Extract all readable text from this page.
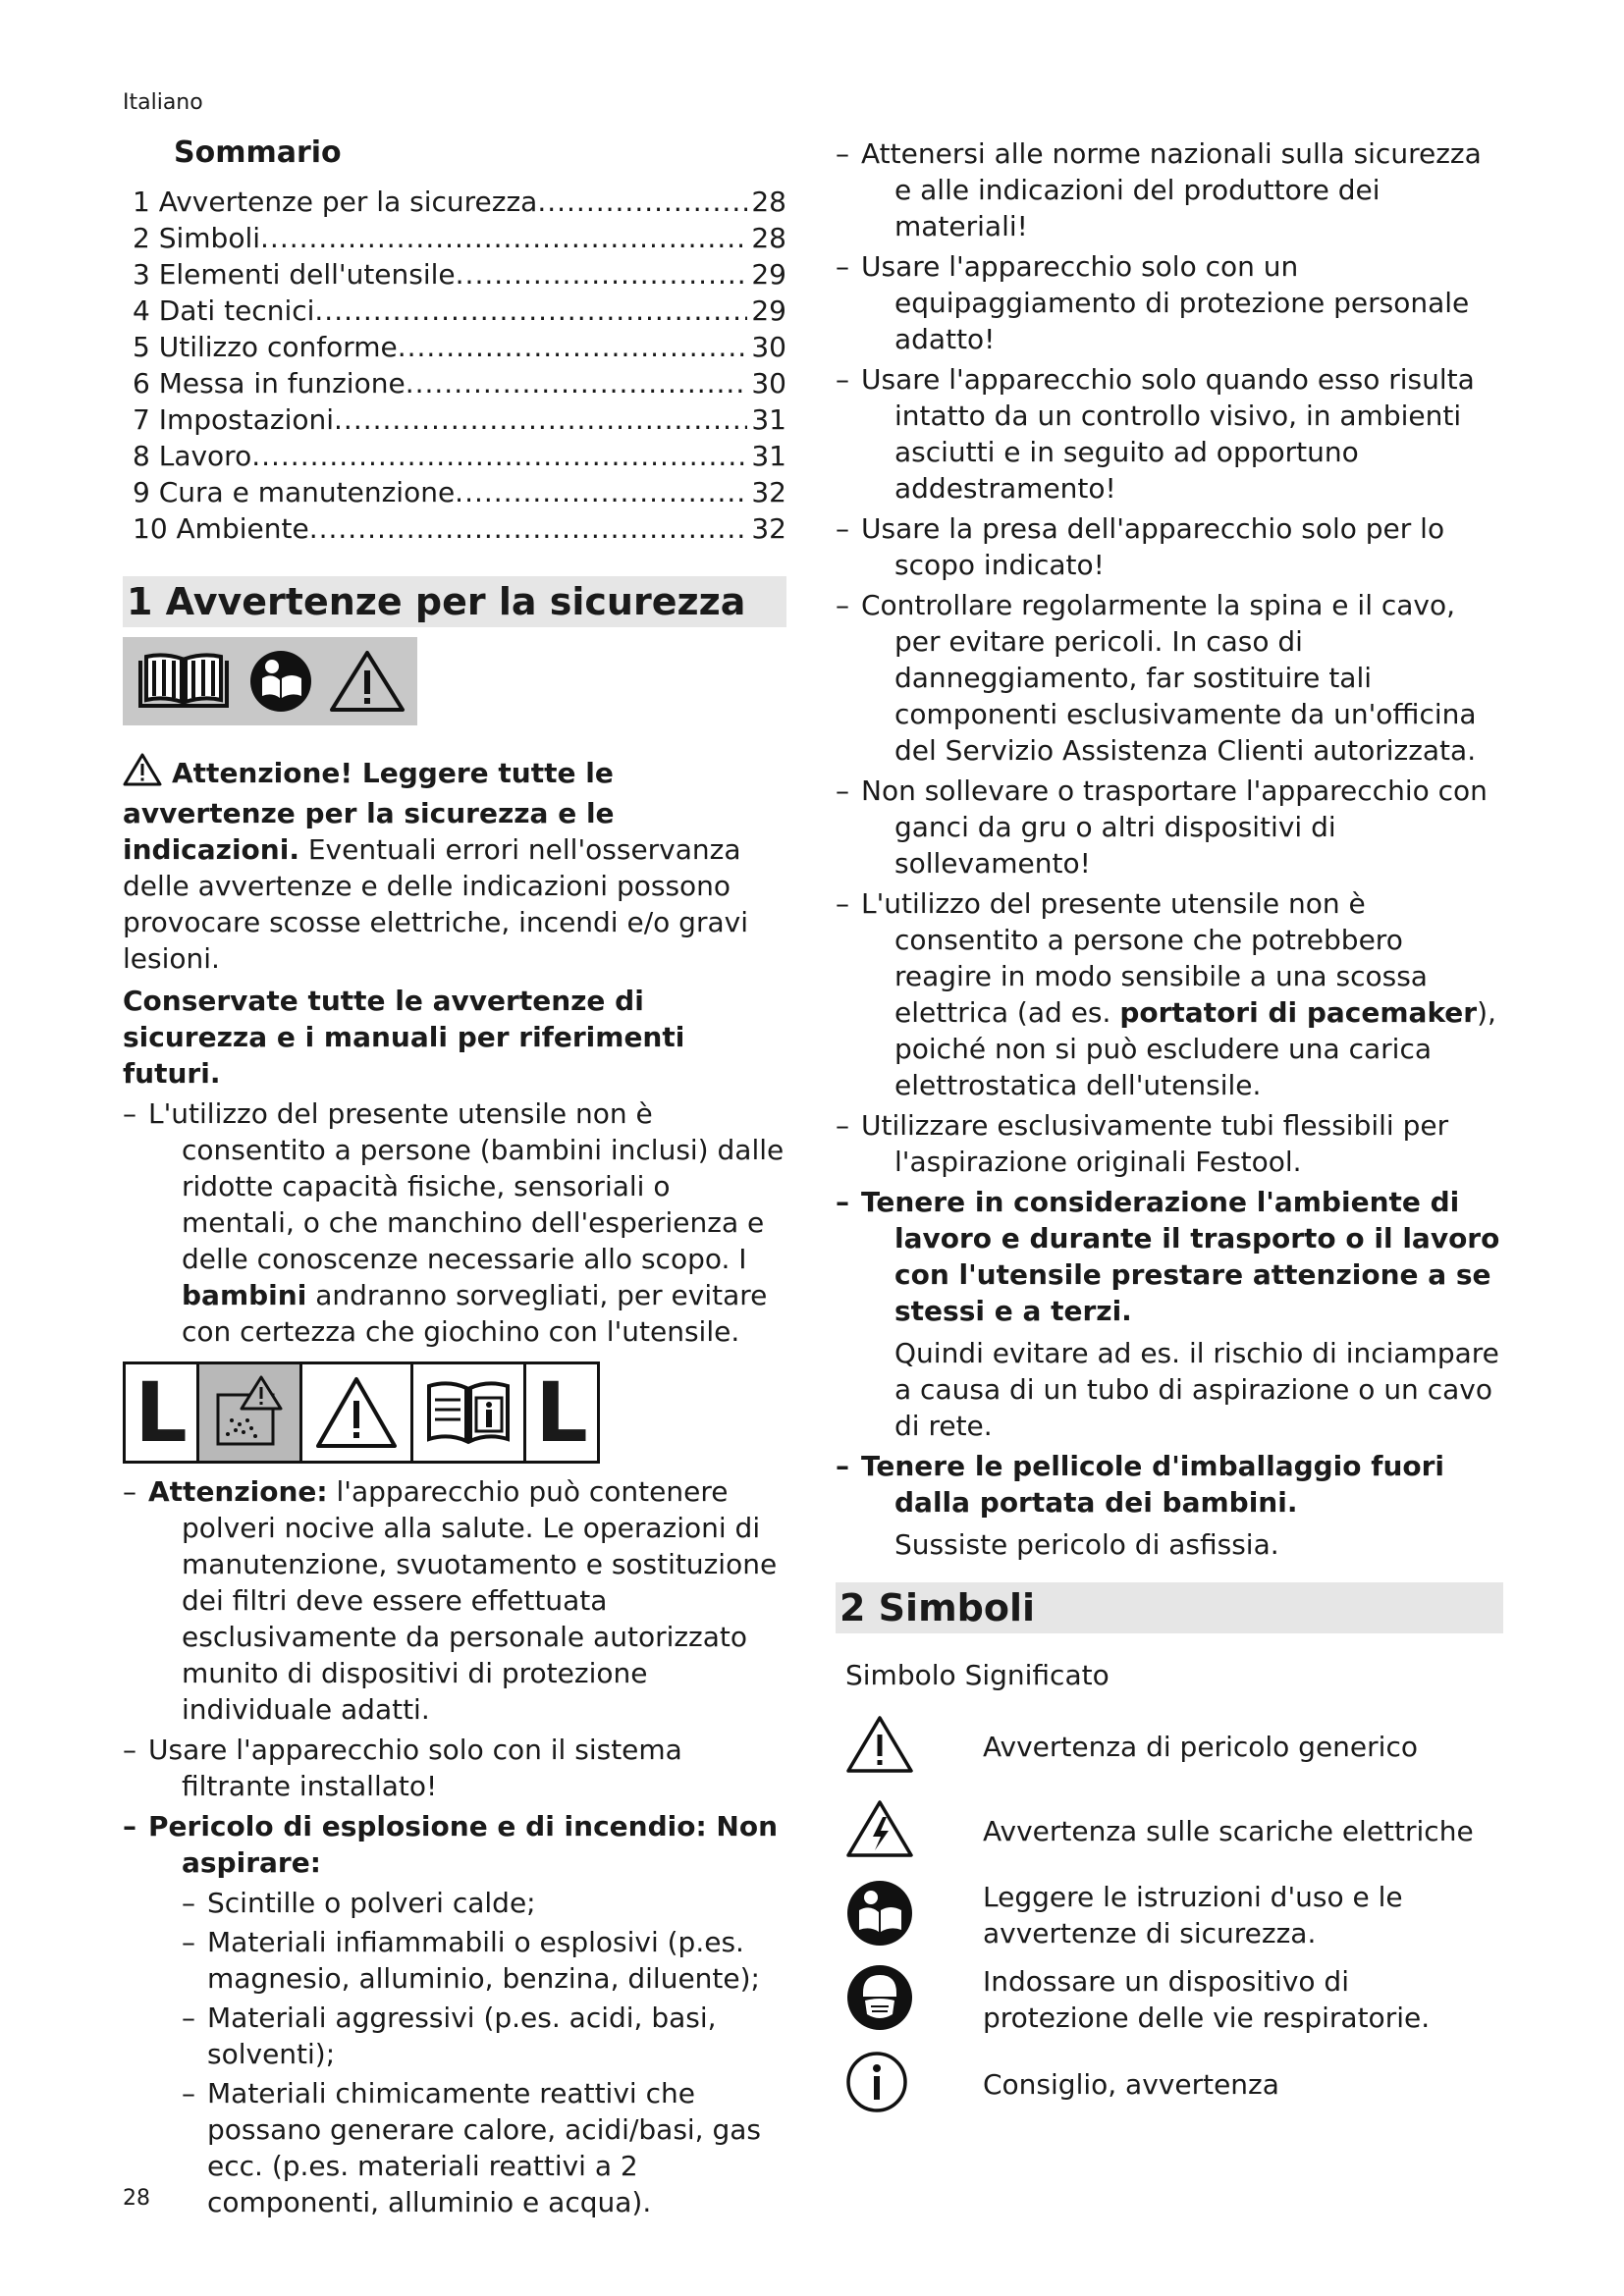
Italiano
Sommario
1 Avvertenze per la sicurezza .....	28
2 Simboli .....	28
3 Elementi dell'utensile .....	29
4 Dati tecnici .....	29
5 Utilizzo conforme .....	30
6 Messa in funzione .....	30
7 Impostazioni .....	31
8 Lavoro .....	31
9 Cura e manutenzione .....	32
10 Ambiente .....	32
1 Avvertenze per la sicurezza

Attenzione! Leggere tutte le avvertenze per la sicurezza e le indicazioni. Eventuali errori nell'osservanza delle avvertenze e delle indicazioni possono provocare scosse elettriche, incendi e/o gravi lesioni.

Conservate tutte le avvertenze di sicurezza e i manuali per riferimenti futuri.

– L'utilizzo del presente utensile non è consentito a persone (bambini inclusi) dalle ridotte capacità fisiche, sensoriali o mentali, o che manchino dell'esperienza e delle conoscenze necessarie allo scopo. I bambini andranno sorvegliati, per evitare con certezza che giochino con l'utensile.
L	L
– Attenzione: l'apparecchio può contenere polveri nocive alla salute. Le operazioni di manutenzione, svuotamento e sostituzione dei filtri deve essere effettuata esclusivamente da personale autorizzato munito di dispositivi di protezione individuale adatti.
– Usare l'apparecchio solo con il sistema filtrante installato!
– Pericolo di esplosione e di incendio: Non aspirare:
– Scintille o polveri calde;
– Materiali infiammabili o esplosivi (p.es. magnesio, alluminio, benzina, diluente);
– Materiali aggressivi (p.es. acidi, basi, solventi);
– Materiali chimicamente reattivi che possano generare calore, acidi/basi, gas ecc. (p.es. materiali reattivi a 2 componenti, alluminio e acqua).
– Attenersi alle norme nazionali sulla sicurezza e alle indicazioni del produttore dei materiali!
– Usare l'apparecchio solo con un equipaggiamento di protezione personale adatto!
– Usare l'apparecchio solo quando esso risulta intatto da un controllo visivo, in ambienti asciutti e in seguito ad opportuno addestramento!
– Usare la presa dell'apparecchio solo per lo scopo indicato!
– Controllare regolarmente la spina e il cavo, per evitare pericoli. In caso di danneggiamento, far sostituire tali componenti esclusivamente da un'officina del Servizio Assistenza Clienti autorizzata.
– Non sollevare o trasportare l'apparecchio con ganci da gru o altri dispositivi di sollevamento!
– L'utilizzo del presente utensile non è consentito a persone che potrebbero reagire in modo sensibile a una scossa elettrica (ad es. portatori di pacemaker), poiché non si può escludere una carica elettrostatica dell'utensile.
– Utilizzare esclusivamente tubi flessibili per l'aspirazione originali Festool.
– Tenere in considerazione l'ambiente di lavoro e durante il trasporto o il lavoro con l'utensile prestare attenzione a se stessi e a terzi.
Quindi evitare ad es. il rischio di inciampare a causa di un tubo di aspirazione o un cavo di rete.
– Tenere le pellicole d'imballaggio fuori dalla portata dei bambini.
Sussiste pericolo di asfissia.
2 Simboli
Simbolo Significato
Avvertenza di pericolo generico
Avvertenza sulle scariche elettriche
Leggere le istruzioni d'uso e le avvertenze di sicurezza.
Indossare un dispositivo di protezione delle vie respiratorie.
Consiglio, avvertenza
28
